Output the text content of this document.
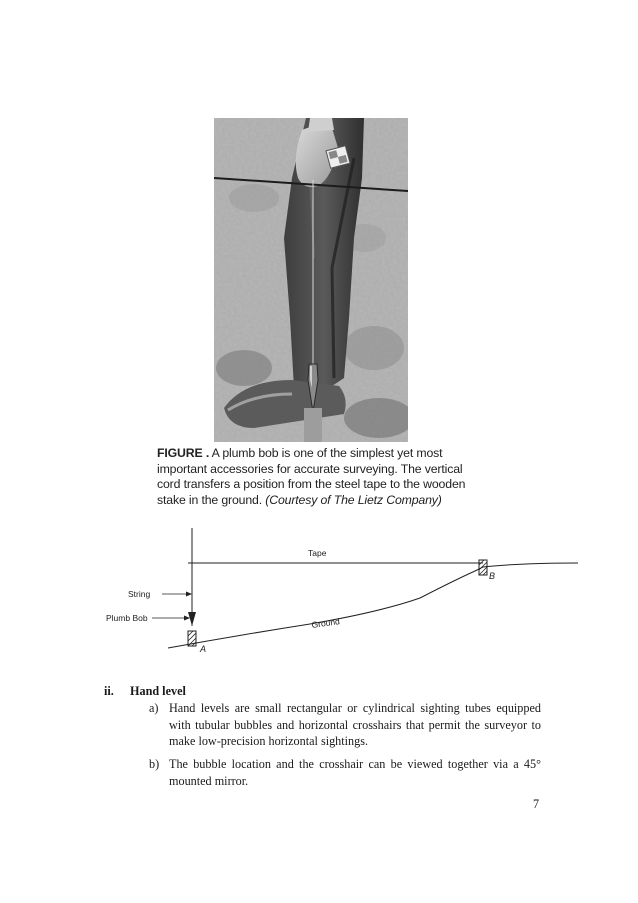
FIGURE . A plumb bob is one of the simplest yet most important accessories for accurate surveying. The vertical cord transfers a position from the steel tape to the wooden stake in the ground. (Courtesy of The Lietz Company)
Tape
String
Plumb Bob	Ground
A
B
ii. Hand level
a) Hand levels are small rectangular or cylindrical sighting tubes equipped with tubular bubbles and horizontal crosshairs that permit the surveyor to make low-precision horizontal sightings.
b) The bubble location and the crosshair can be viewed together via a 45° mounted mirror.
7
